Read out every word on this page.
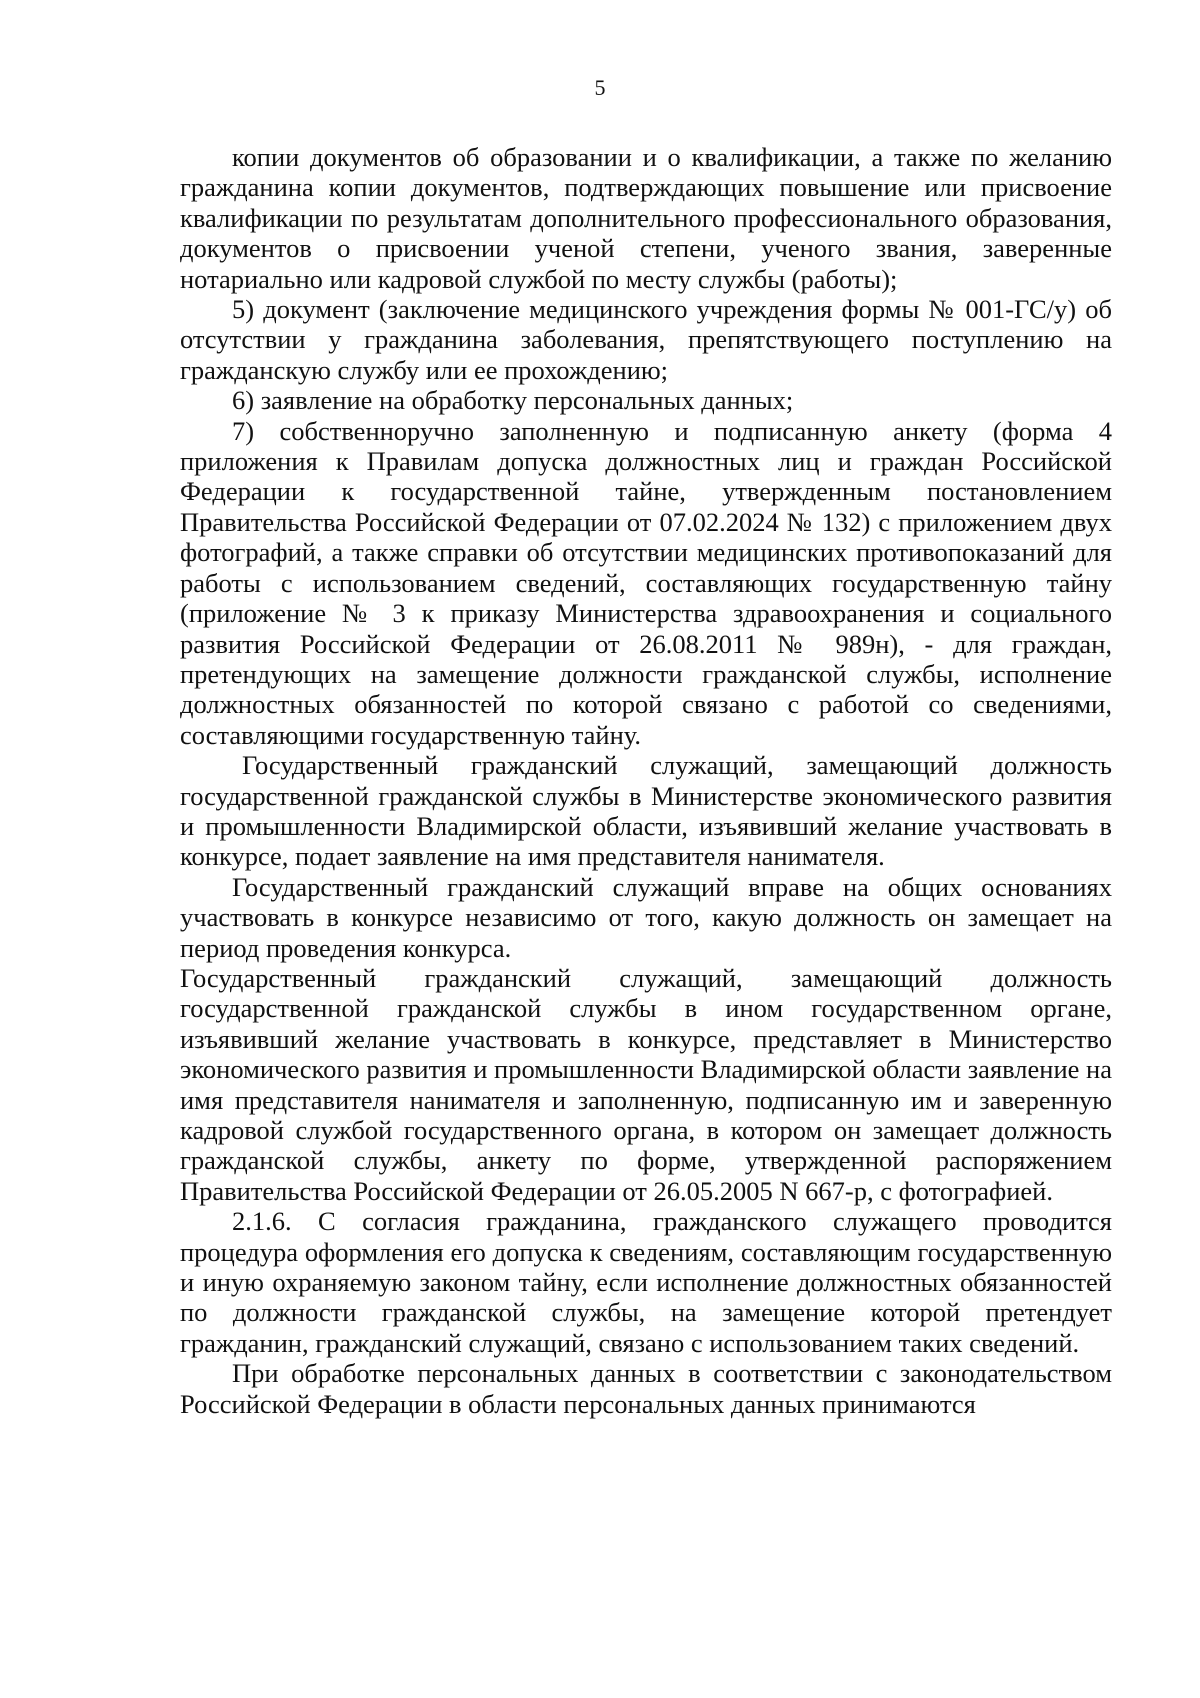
5

копии документов об образовании и о квалификации, а также по желанию гражданина копии документов, подтверждающих повышение или присвоение квалификации по результатам дополнительного профессионального образования, документов о присвоении ученой степени, ученого звания, заверенные нотариально или кадровой службой по месту службы (работы);

5) документ (заключение медицинского учреждения формы № 001-ГС/у) об отсутствии у гражданина заболевания, препятствующего поступлению на гражданскую службу или ее прохождению;

6) заявление на обработку персональных данных;

7) собственноручно заполненную и подписанную анкету (форма 4 приложения к Правилам допуска должностных лиц и граждан Российской Федерации к государственной тайне, утвержденным постановлением Правительства Российской Федерации от 07.02.2024 № 132) с приложением двух фотографий, а также справки об отсутствии медицинских противопоказаний для работы с использованием сведений, составляющих государственную тайну (приложение № 3 к приказу Министерства здравоохранения и социального развития Российской Федерации от 26.08.2011 № 989н), - для граждан, претендующих на замещение должности гражданской службы, исполнение должностных обязанностей по которой связано с работой со сведениями, составляющими государственную тайну.

Государственный гражданский служащий, замещающий должность государственной гражданской службы в Министерстве экономического развития и промышленности Владимирской области, изъявивший желание участвовать в конкурсе, подает заявление на имя представителя нанимателя.

Государственный гражданский служащий вправе на общих основаниях участвовать в конкурсе независимо от того, какую должность он замещает на период проведения конкурса.

Государственный гражданский служащий, замещающий должность государственной гражданской службы в ином государственном органе, изъявивший желание участвовать в конкурсе, представляет в Министерство экономического развития и промышленности Владимирской области заявление на имя представителя нанимателя и заполненную, подписанную им и заверенную кадровой службой государственного органа, в котором он замещает должность гражданской службы, анкету по форме, утвержденной распоряжением Правительства Российской Федерации от 26.05.2005 N 667-р, с фотографией.

2.1.6. С согласия гражданина, гражданского служащего проводится процедура оформления его допуска к сведениям, составляющим государственную и иную охраняемую законом тайну, если исполнение должностных обязанностей по должности гражданской службы, на замещение которой претендует гражданин, гражданский служащий, связано с использованием таких сведений.

При обработке персональных данных в соответствии с законодательством Российской Федерации в области персональных данных принимаются
